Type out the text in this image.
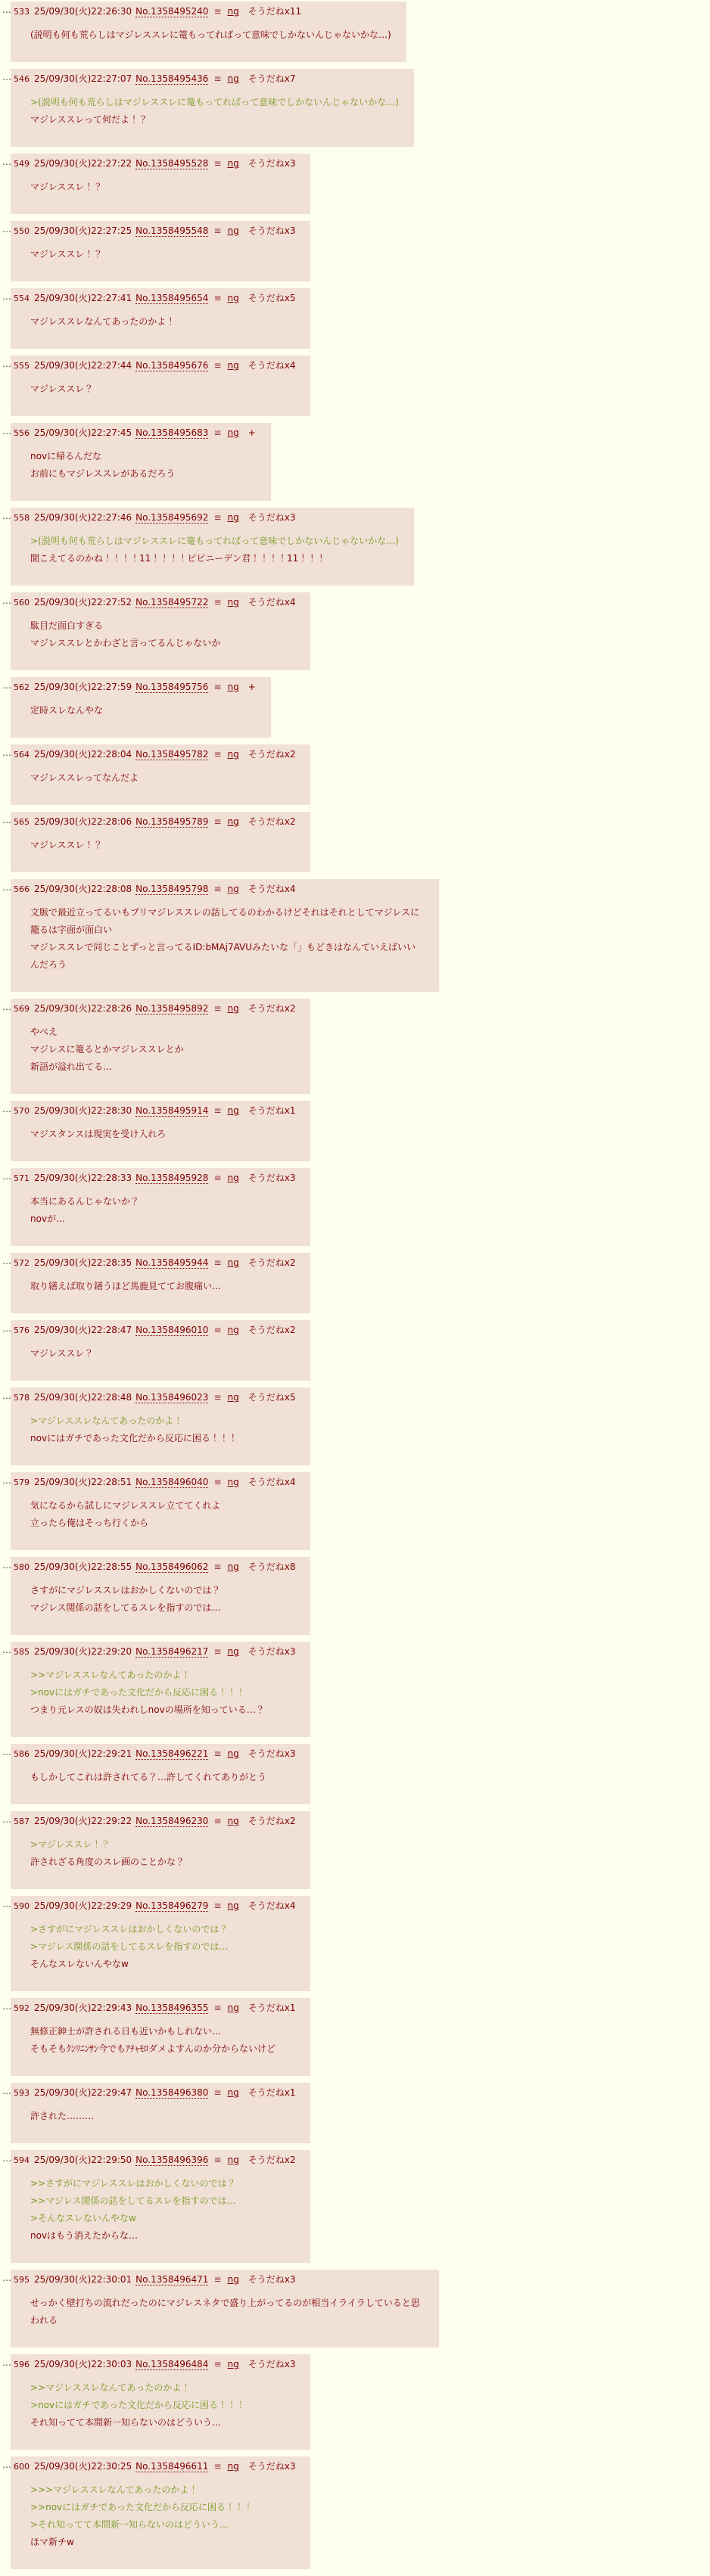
… 533 25/09/30(火)22:26:30 No.1358495240 ≡ ng そうだねx11
(説明も何も荒らしはマジレススレに篭もってればって意味でしかないんじゃないかな…)
… 546 25/09/30(火)22:27:07 No.1358495436 ≡ ng そうだねx7
>(説明も何も荒らしはマジレススレに篭もってればって意味でしかないんじゃないかな…)
マジレススレって何だよ！？
… 549 25/09/30(火)22:27:22 No.1358495528 ≡ ng そうだねx3
マジレススレ！？
… 550 25/09/30(火)22:27:25 No.1358495548 ≡ ng そうだねx3
マジレススレ！？
… 554 25/09/30(火)22:27:41 No.1358495654 ≡ ng そうだねx5
マジレススレなんてあったのかよ！
… 555 25/09/30(火)22:27:44 No.1358495676 ≡ ng そうだねx4
マジレススレ？
… 556 25/09/30(火)22:27:45 No.1358495683 ≡ ng +
novに帰るんだな
お前にもマジレススレがあるだろう
… 558 25/09/30(火)22:27:46 No.1358495692 ≡ ng そうだねx3
>(説明も何も荒らしはマジレススレに篭もってればって意味でしかないんじゃないかな…)
聞こえてるのかね！！！！11！！！！ピピニーデン君！！！！11！！！
… 560 25/09/30(火)22:27:52 No.1358495722 ≡ ng そうだねx4
駄目だ面白すぎる
マジレススレとかわざと言ってるんじゃないか
… 562 25/09/30(火)22:27:59 No.1358495756 ≡ ng +
定時スレなんやな
… 564 25/09/30(火)22:28:04 No.1358495782 ≡ ng そうだねx2
マジレススレってなんだよ
… 565 25/09/30(火)22:28:06 No.1358495789 ≡ ng そうだねx2
マジレススレ！？
… 566 25/09/30(火)22:28:08 No.1358495798 ≡ ng そうだねx4
文脈で最近立ってるいもプリマジレススレの話してるのわかるけどそれはそれとしてマジレスに籠るは字面が面白い
マジレススレで同じことずっと言ってるID:bMAj7AVUみたいな「」もどきはなんていえばいいんだろう
… 569 25/09/30(火)22:28:26 No.1358495892 ≡ ng そうだねx2
やべえ
マジレスに篭るとかマジレススレとか
新語が溢れ出てる…
… 570 25/09/30(火)22:28:30 No.1358495914 ≡ ng そうだねx1
マジスタンスは現実を受け入れろ
… 571 25/09/30(火)22:28:33 No.1358495928 ≡ ng そうだねx3
本当にあるんじゃないか？
novが…
… 572 25/09/30(火)22:28:35 No.1358495944 ≡ ng そうだねx2
取り繕えば取り繕うほど馬鹿見ててお腹痛い…
… 576 25/09/30(火)22:28:47 No.1358496010 ≡ ng そうだねx2
マジレススレ？
… 578 25/09/30(火)22:28:48 No.1358496023 ≡ ng そうだねx5
>マジレススレなんてあったのかよ！
novにはガチであった文化だから反応に困る！！！
… 579 25/09/30(火)22:28:51 No.1358496040 ≡ ng そうだねx4
気になるから試しにマジレススレ立ててくれよ
立ったら俺はそっち行くから
… 580 25/09/30(火)22:28:55 No.1358496062 ≡ ng そうだねx8
さすがにマジレススレはおかしくないのでは？
マジレス関係の話をしてるスレを指すのでは…
… 585 25/09/30(火)22:29:20 No.1358496217 ≡ ng そうだねx3
>>マジレススレなんてあったのかよ！
>novにはガチであった文化だから反応に困る！！！
つまり元レスの奴は失われしnovの場所を知っている…？
… 586 25/09/30(火)22:29:21 No.1358496221 ≡ ng そうだねx3
もしかしてこれは許されてる？…許してくれてありがとう
… 587 25/09/30(火)22:29:22 No.1358496230 ≡ ng そうだねx2
>マジレススレ！？
許されざる角度のスレ画のことかな？
… 590 25/09/30(火)22:29:29 No.1358496279 ≡ ng そうだねx4
>さすがにマジレススレはおかしくないのでは？
>マジレス関係の話をしてるスレを指すのでは…
そんなスレないんやなw
… 592 25/09/30(火)22:29:43 No.1358496355 ≡ ng そうだねx1
無修正紳士が許される日も近いかもしれない…
そもそもｸﾝﾘﾆﾝｻﾝ今でもｱﾁｬﾓﾛダメよすんのか分からないけど
… 593 25/09/30(火)22:29:47 No.1358496380 ≡ ng そうだねx1
許された………
… 594 25/09/30(火)22:29:50 No.1358496396 ≡ ng そうだねx2
>>さすがにマジレススレはおかしくないのでは？
>>マジレス関係の話をしてるスレを指すのでは…
>そんなスレないんやなw
novはもう消えたからな…
… 595 25/09/30(火)22:30:01 No.1358496471 ≡ ng そうだねx3
せっかく壁打ちの流れだったのにマジレスネタで盛り上がってるのが相当イライラしていると思われる
… 596 25/09/30(火)22:30:03 No.1358496484 ≡ ng そうだねx3
>>マジレススレなんてあったのかよ！
>novにはガチであった文化だから反応に困る！！！
それ知ってて本間新一知らないのはどういう…
… 600 25/09/30(火)22:30:25 No.1358496611 ≡ ng そうだねx3
>>>マジレススレなんてあったのかよ！
>>novにはガチであった文化だから反応に困る！！！
>それ知ってて本間新一知らないのはどういう…
ほマ新チw
